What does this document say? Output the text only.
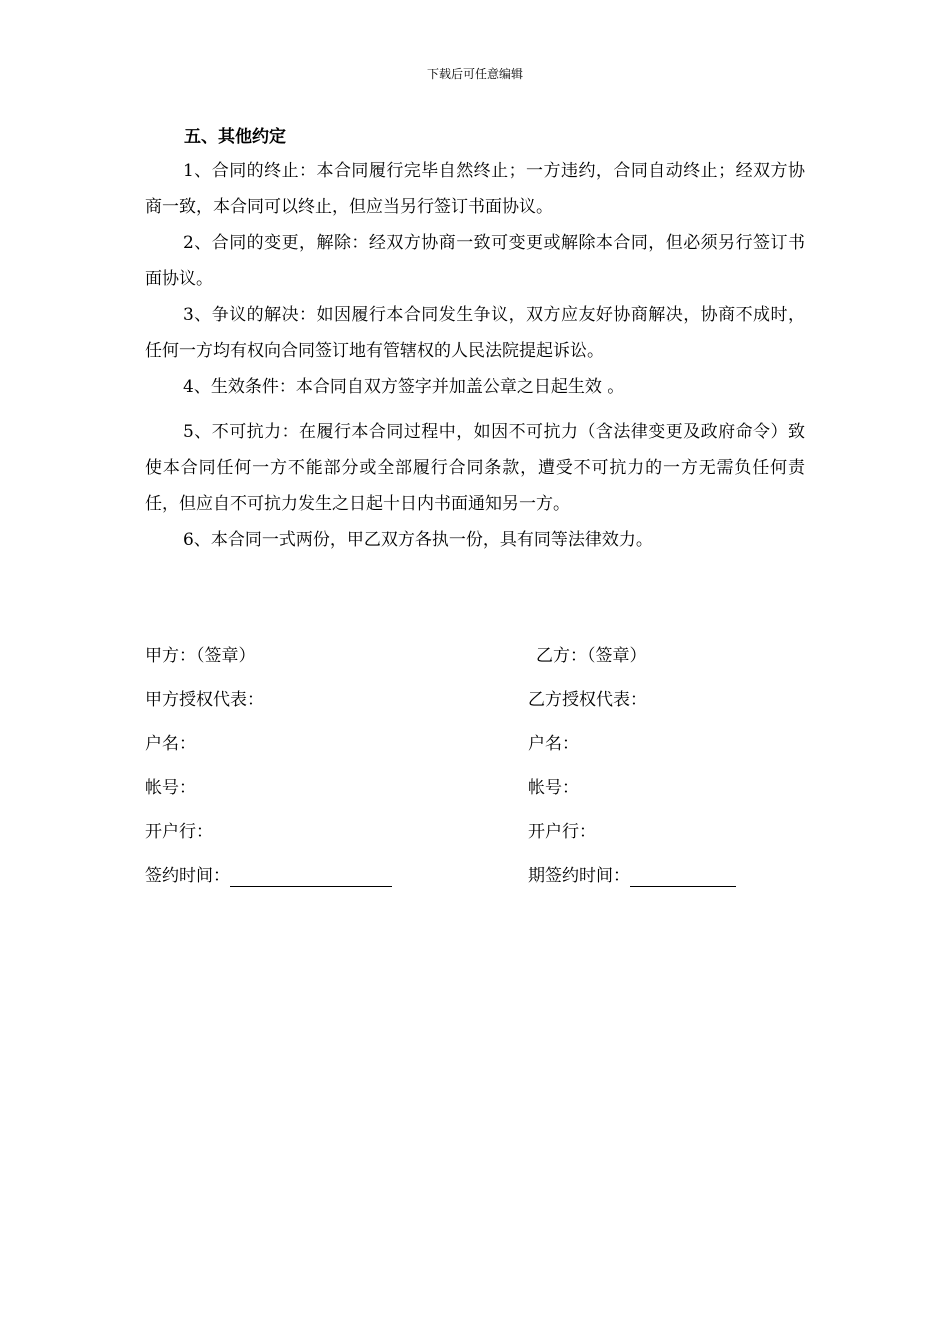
下载后可任意编辑
五、其他约定
1、合同的终止：本合同履行完毕自然终止；一方违约，合同自动终止；经双方协商一致，本合同可以终止，但应当另行签订书面协议。
2、合同的变更，解除：经双方协商一致可变更或解除本合同，但必须另行签订书面协议。
3、争议的解决：如因履行本合同发生争议，双方应友好协商解决，协商不成时，任何一方均有权向合同签订地有管辖权的人民法院提起诉讼。
4、生效条件：本合同自双方签字并加盖公章之日起生效 。
5、不可抗力：在履行本合同过程中，如因不可抗力（含法律变更及政府命令）致使本合同任何一方不能部分或全部履行合同条款，遭受不可抗力的一方无需负任何责任，但应自不可抗力发生之日起十日内书面通知另一方。
6、本合同一式两份，甲乙双方各执一份，具有同等法律效力。
甲方：（签章）
甲方授权代表：
户名：
帐号：
开户行：
签约时间：
乙方：（签章）
乙方授权代表：
户名：
帐号：
开户行：
期签约时间：
